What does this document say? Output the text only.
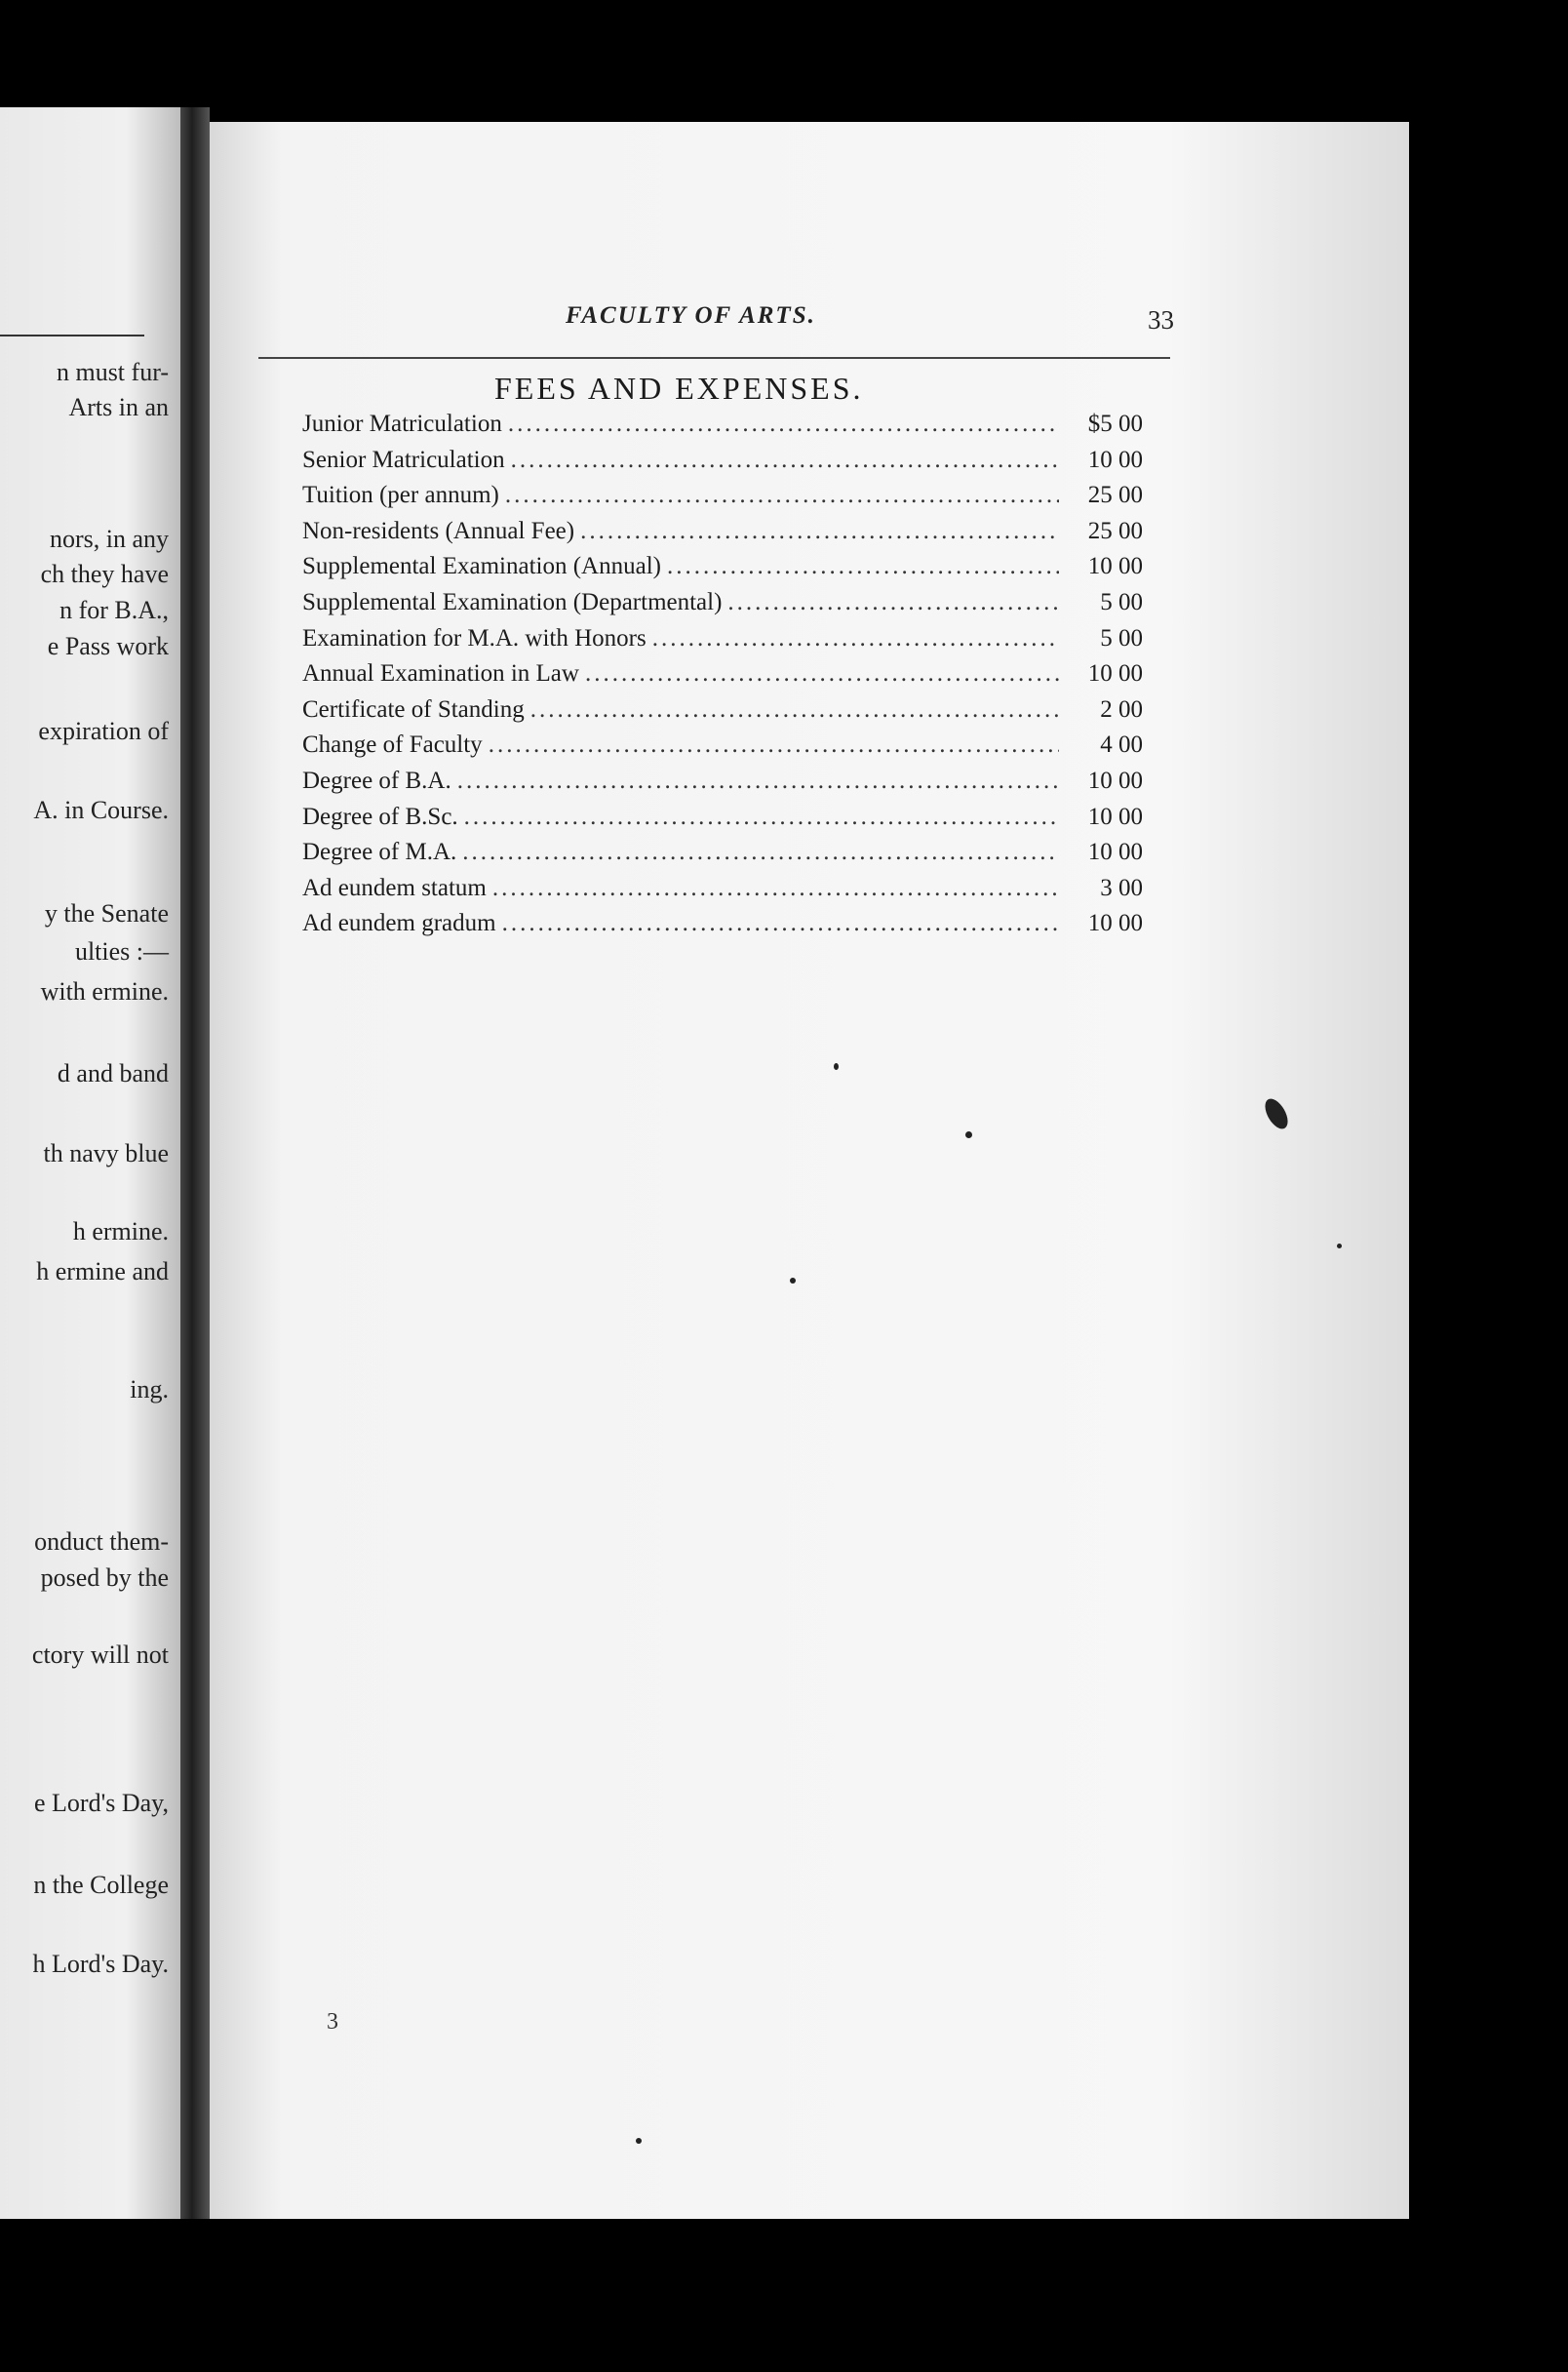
n must fur-
Arts in an
nors, in any
ch they have
n for B.A.,
e Pass work
expiration of
A. in Course.
y the Senate
ulties :—
with ermine.
d and band
th navy blue
h ermine.
h ermine and
ing.
onduct them-
posed by the
ctory will not
e Lord's Day,
n the College
h Lord's Day.
FACULTY OF ARTS.	33
FEES AND EXPENSES.
Junior Matriculation .....	$5 00
Senior Matriculation .....	10 00
Tuition (per annum) .....	25 00
Non-residents (Annual Fee) .....	25 00
Supplemental Examination (Annual) .....	10 00
Supplemental Examination (Departmental) .....	5 00
Examination for M.A. with Honors .....	5 00
Annual Examination in Law .....	10 00
Certificate of Standing .....	2 00
Change of Faculty .....	4 00
Degree of B.A. .....	10 00
Degree of B.Sc. .....	10 00
Degree of M.A. .....	10 00
Ad eundem statum .....	3 00
Ad eundem gradum .....	10 00
3
